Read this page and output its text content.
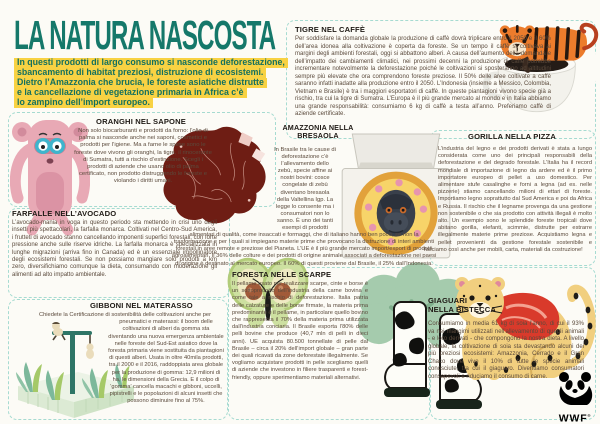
LA NATURA NASCOSTA
In questi prodotti di largo consumo si nasconde deforestazione,
sbancamento di habitat preziosi, distruzione di ecosistemi.
Dietro l’Amazzonia che brucia, le foreste asiatiche distrutte
e la cancellazione di vegetazione primaria in Africa c’è
lo zampino dell’import europeo.
TIGRE NEL CAFFÈ
Per soddisfare la domanda globale la produzione di caffè dovrà triplicare entro il 2050 e il 60% dell’area idonea alla coltivazione è coperta da foreste. Se un tempo il caffè si coltivava ai margini degli ambienti forestali, oggi si abbattono alberi. A causa dell’aumento della domanda e dell’impatto dei cambiamenti climatici, nei prossimi decenni la produzione di caffè potrebbe incrementare notevolmente la deforestazione poiché le coltivazioni si sposteranno ad altitudini sempre più elevate che ora comprendono foreste preziose. Il 50% delle aree coltivate a caffè saranno infatti inadatte alla produzione entro il 2050. L’Indonesia (insieme a Messico, Colombia, Vietnam e Brasile) è tra i maggiori esportatori di caffè. In queste piantagioni vivono specie già a rischio, tra cui la tigre di Sumatra. L’Europa è il più grande mercato al mondo e in Italia abbiamo una grande responsabilità: consumiamo 6 kg di caffè a testa all’anno. Preferiamo caffè di aziende certificate.
ORANGHI NEL SAPONE
Non solo biocarburanti e prodotti da forno: l’olio di palma si nasconde anche nei saponi, cosmetici e prodotti per l’igiene. Ma a farne le spese sono le foreste dove vivono gli oranghi, la tigre, il rinoceronte di Sumatra, tutti a rischio d’estinzione. Scegli i prodotti di aziende che usano olio di palma certificato, non prodotto distruggendo le foreste e violando i diritti umani.
AMAZZONIA NELLA
BRESAOLA
In Brasile tra le cause di deforestazione c’è l’allevamento dello zebù, specie affine ai nostri bovini: cosce congelate di zebù diventano bresaola della Valtellina Igp. La legge lo consente ma i consumatori non lo sanno. È uno dei tanti esempi di prodotti alimentari di qualità, come insaccati e formaggi, che di italiano hanno ben poco, se non la trasformazione e per i quali si impiegano materie prime che provocano la distruzione di interi ambienti forestali in aree remote e preziose del Pianeta. L’UE è il più grande mercato import/export di prodotti agroalimentari. Il 36% delle colture e dei prodotti di origine animale associati a deforestazione nei paesi di origine è destinato al mercato europeo. Il 60% di questi proviene dal Brasile, il 25% dall’Indonesia.
GORILLA NELLA PIZZA
L’industria del legno e dei prodotti derivati è stata a lungo considerata come uno dei principali responsabili della deforestazione e del degrado forestale. L’Italia ha il record mondiale di importazione di legno da ardere ed è il primo importatore europeo di pellet a uso domestico. Per alimentare stufe casalinghe e forni a legna (ad es. nelle pizzerie) stiamo cancellando milioni di ettari di foreste. Importiamo legno soprattutto dal Sud America e poi da Africa e Russia. Il rischio che il legname provenga da una gestione non sostenibile o che sia prodotto con attività illegali è molto alto. Un esempio sono le splendide foreste tropicali dove abitano gorilla, elefanti, scimmie, distrutte per estrarre illegalmente materie prime preziose. Acquistiamo legna e pellet provenienti da gestione forestale sostenibile e facciamo così anche per mobili, carta, materiali da costruzione!
FARFALLE NELL’AVOCADO
L’avocado-mania in voga in questo periodo sta mettendo in crisi uno degli insetti più spettacolari, la farfalla monarca. Coltivati nel Centro-Sud America, i frutteti di avocado stanno cancellando imponenti superfici forestali, con forte pressione anche sulle riserve idriche. La farfalla monarca è specializzata in lunghe migrazioni (arriva fino in Canada) ed è un essenziale impollinatore degli ecosistemi forestali. Se non possiamo mangiare solo prodotti a km zero, diversifichiamo comunque la dieta, consumando con moderazione gli alimenti ad alto impatto ambientale.
GIBBONI NEL MATERASSO
Chiedete la Certificazione di sostenibilità delle coltivazioni anche per pneumatici e materassi: il boom delle coltivazioni di alberi da gomma sta diventando una nuova emergenza ambientale nelle foreste del Sud-Est asiatico dove la foresta primaria viene sostituita da piantagioni di questi alberi. Usata in oltre 40mila prodotti, tra il 2000 e il 2016, raddoppiata area globale per la produzione di gomma: 12,9 milioni di ha, le dimensioni della Grecia. E il colpo di ‘gomma’ cancella macachi e gibboni, uccelli, pipistrelli e le popolazioni di alcuni insetti che possono diminuire fino al 75%.
FORESTA NELLE SCARPE
Il pellame usato per realizzare scarpe, cinte e borse è un sottoprodotto dell’industria della carne bovina e come tale a rischio di deforestazione. Italia patria delle calzature e delle borse firmate, la materia prima predominante è il pellame, in particolare quello bovino che rappresenta il 70% della materia prima utilizzata dall’industria conciaria. Il Brasile esporta l’80% delle pelli bovine che produce (40,7 mln di pelli in dieci anni). UE acquista 80.500 tonnellate di pelle dal Brasile – circa il 20% dell’import globale – gran parte dei quali ricavati da zone deforestate illegalmente. Se vogliamo acquistare prodotti in pelle scegliamo quelli di aziende che investono in filiere trasparenti e forest-friendly, oppure sperimentiamo materiali alternativi.
GIAGUARI
NELLA BISTECCA
Consumiamo in media 61 kg di soia l’anno, di cui il 93% va nei mangimi utilizzati nell’allevamento di quegli animali - e loro derivati - che compongono la nostra dieta. A livello globale, la coltivazione di soia sta devastando alcuni dei più preziosi ecosistemi: Amazzonia, Cerrado e il Gran Chaco dove vive il 10% di tutte le specie animali conosciute, tra cui il giaguaro. Diventiamo consumatori consapevoli e riduciamo il consumo di carne.
WWF®
